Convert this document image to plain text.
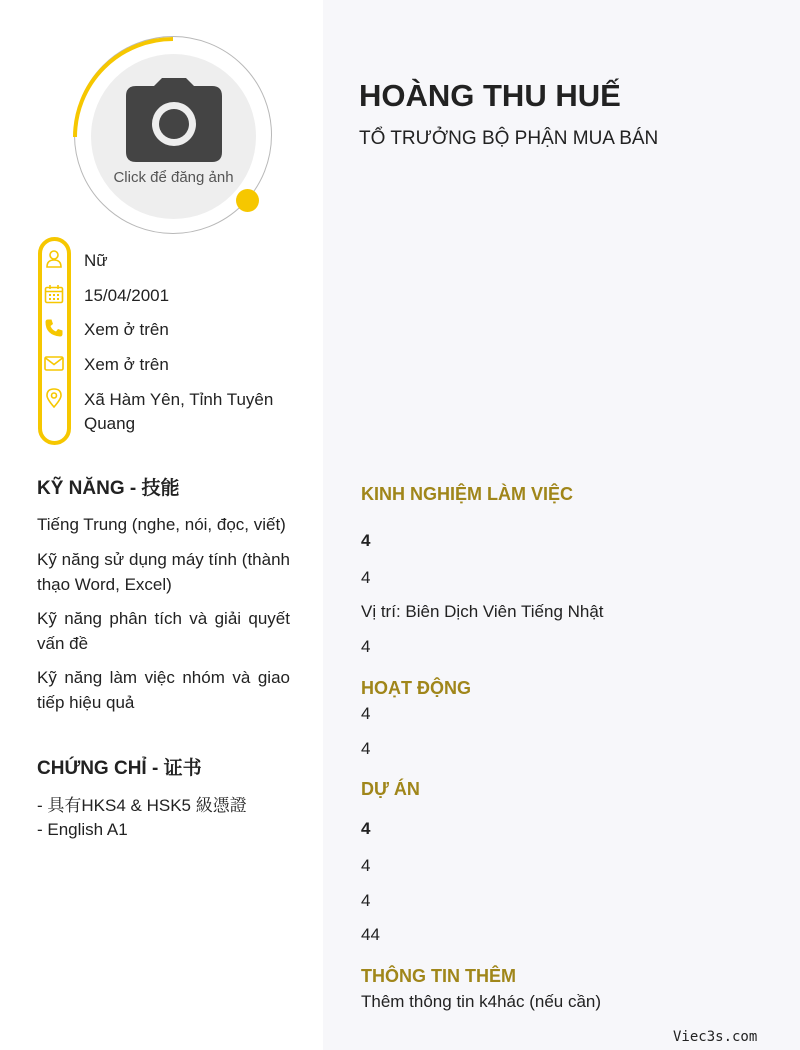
Click để đăng ảnh
Nữ
15/04/2001
Xem ở trên
Xem ở trên
Xã Hàm Yên, Tỉnh Tuyên Quang
KỸ NĂNG - 技能
Tiếng Trung (nghe, nói, đọc, viết)
Kỹ năng sử dụng máy tính (thành thạo Word, Excel)
Kỹ năng phân tích và giải quyết vấn đề
Kỹ năng làm việc nhóm và giao tiếp hiệu quả
CHỨNG CHỈ - 证书
- 具有HKS4 & HSK5 級憑證
- English A1
HOÀNG THU HUẾ
TỔ TRƯỞNG BỘ PHẬN MUA BÁN
KINH NGHIỆM LÀM VIỆC
4
4
Vị trí: Biên Dịch Viên Tiếng Nhật
4
HOẠT ĐỘNG
4
4
DỰ ÁN
4
4
4
44
THÔNG TIN THÊM
Thêm thông tin k4hác (nếu cần)
Viec3s.com
